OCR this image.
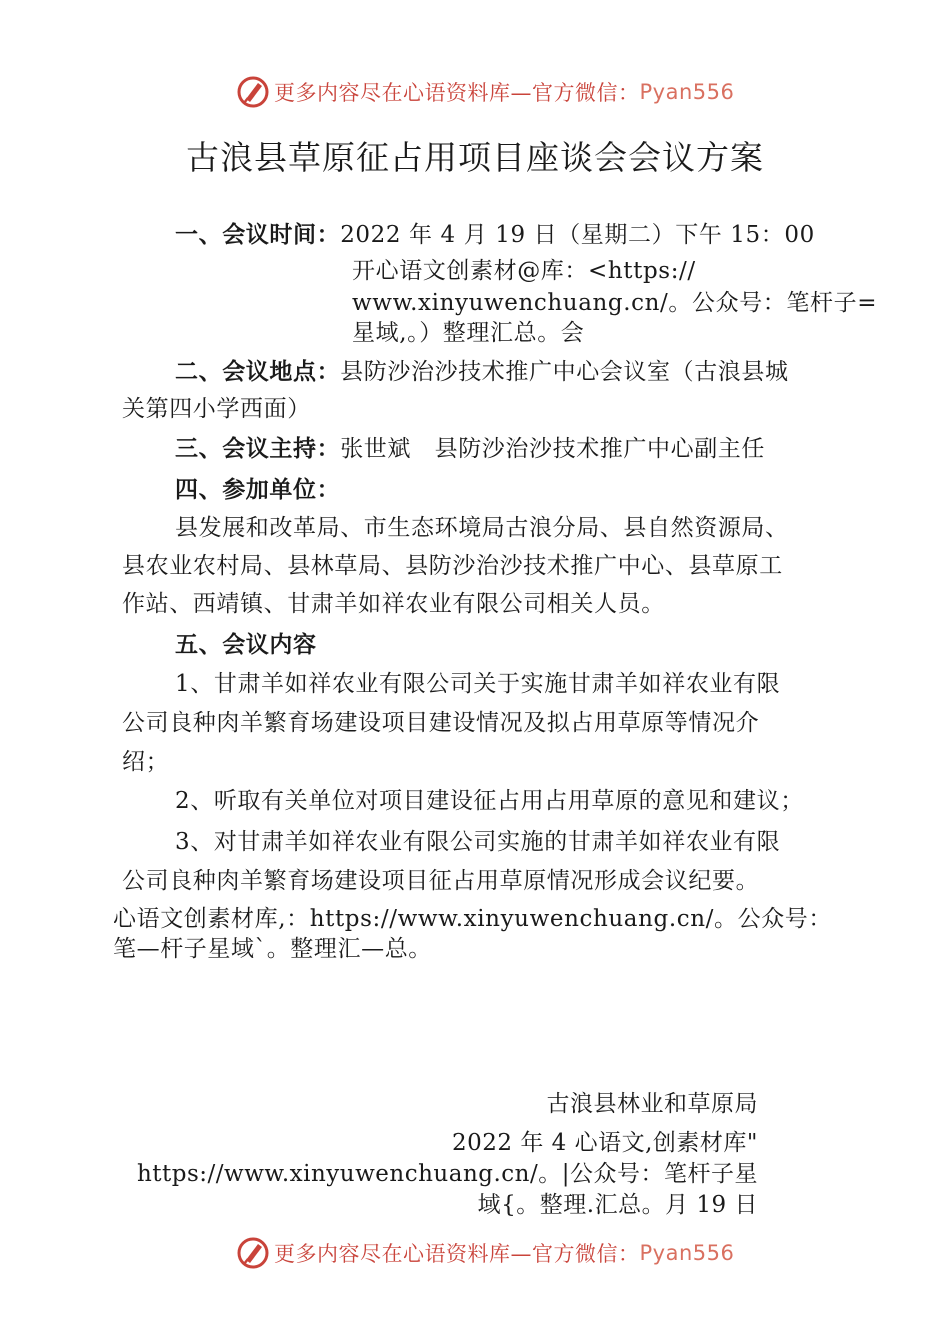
更多内容尽在心语资料库—官方微信： Pyan556
古浪县草原征占用项目座谈会会议方案
一、会议时间：2022 年 4 月 19 日（星期二）下午 15：00
开心语文创素材@库：<https://
www.xinyuwenchuang.cn/。公众号：笔杆子=
星域,。）整理汇总。会
二、会议地点：县防沙治沙技术推广中心会议室（古浪县城
关第四小学西面）
三、会议主持：张世斌　县防沙治沙技术推广中心副主任
四、参加单位：
县发展和改革局、市生态环境局古浪分局、县自然资源局、
县农业农村局、县林草局、县防沙治沙技术推广中心、县草原工
作站、西靖镇、甘肃羊如祥农业有限公司相关人员。
五、会议内容
1、甘肃羊如祥农业有限公司关于实施甘肃羊如祥农业有限
公司良种肉羊繁育场建设项目建设情况及拟占用草原等情况介
绍；
2、听取有关单位对项目建设征占用占用草原的意见和建议；
3、对甘肃羊如祥农业有限公司实施的甘肃羊如祥农业有限
公司良种肉羊繁育场建设项目征占用草原情况形成会议纪要。
心语文创素材库,：https://www.xinyuwenchuang.cn/。公众号：
笔—杆子星域`。整理汇—总。
古浪县林业和草原局
2022 年 4 心语文,创素材库"
https://www.xinyuwenchuang.cn/。|公众号：笔杆子星
域{。整理.汇总。月 19 日
更多内容尽在心语资料库—官方微信： Pyan556
